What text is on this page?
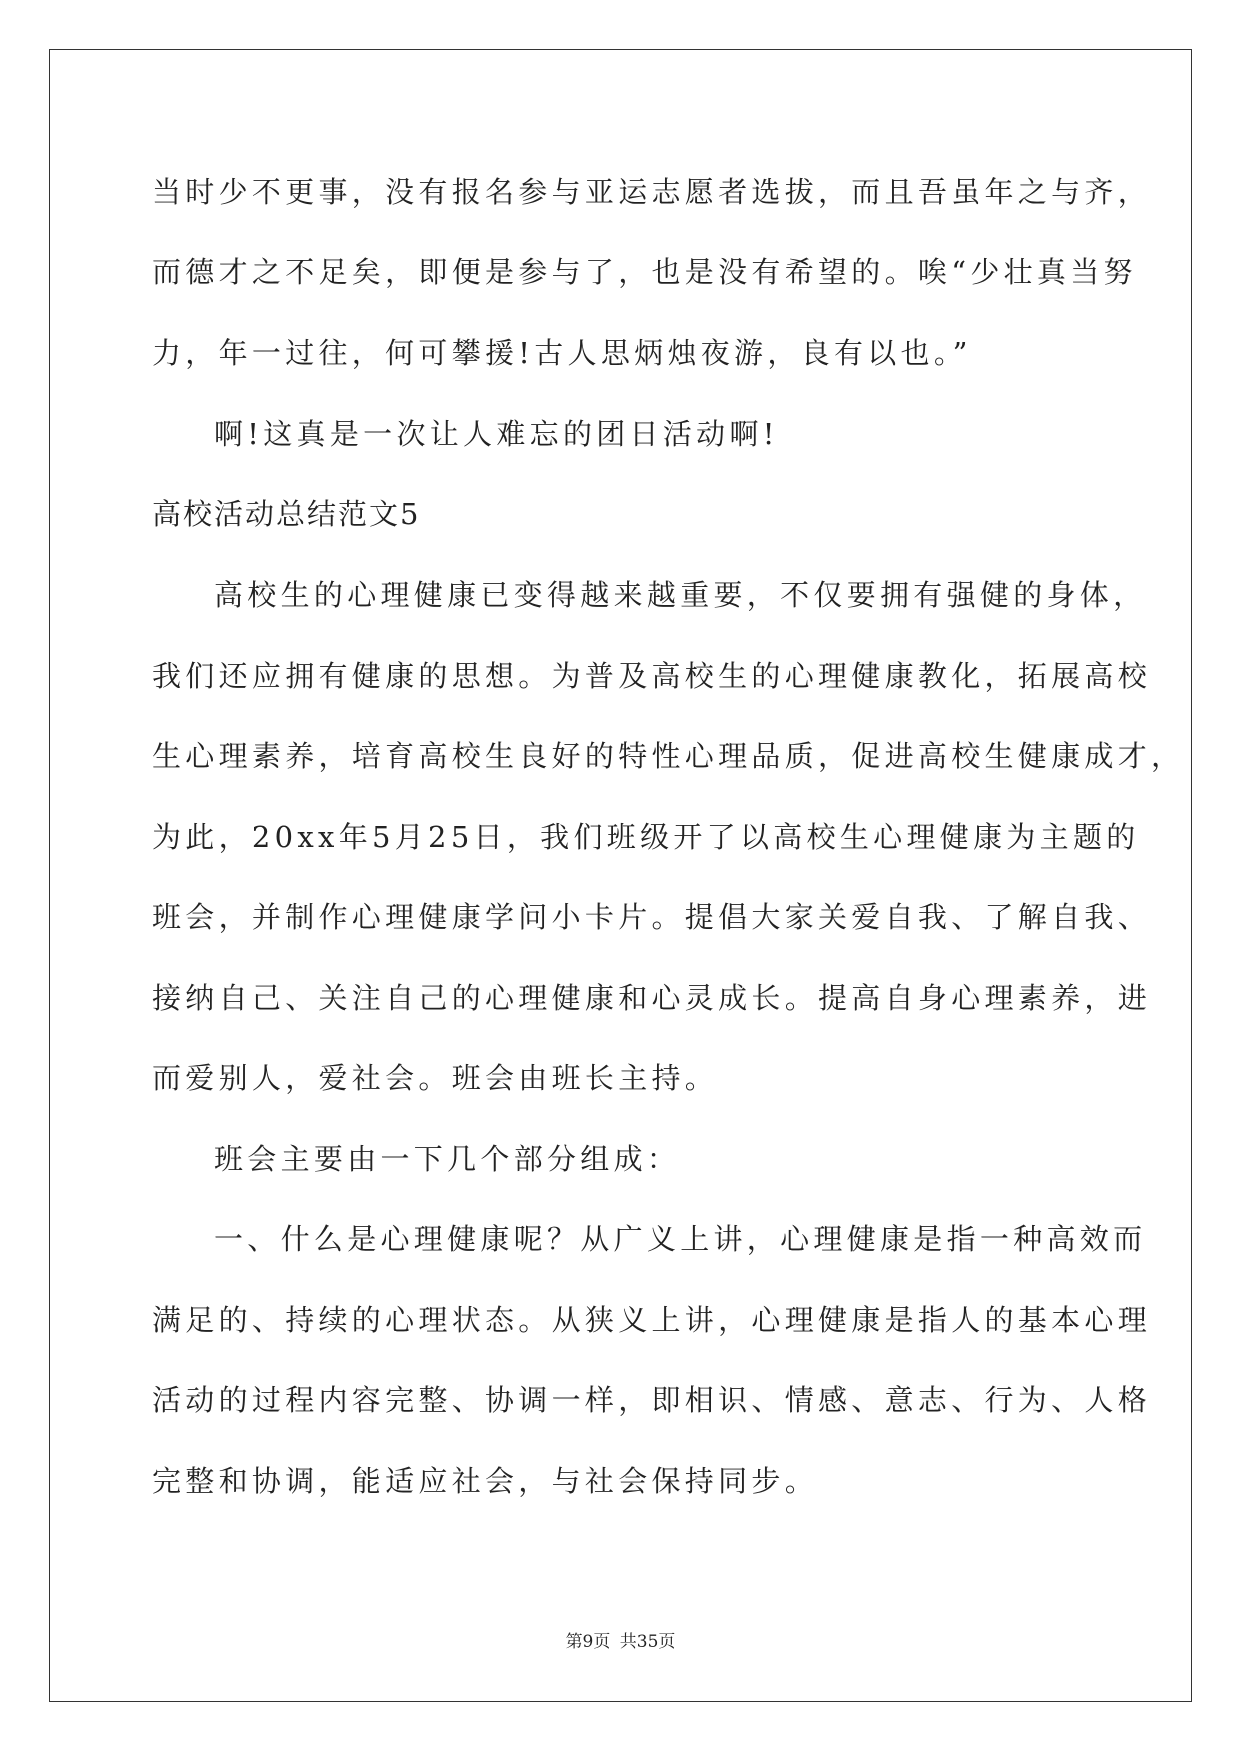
当时少不更事，没有报名参与亚运志愿者选拔，而且吾虽年之与齐，

而德才之不足矣，即便是参与了，也是没有希望的。唉“少壮真当努

力，年一过往，何可攀援!古人思炳烛夜游，良有以也。”

啊!这真是一次让人难忘的团日活动啊!

高校活动总结范文5

高校生的心理健康已变得越来越重要，不仅要拥有强健的身体，

我们还应拥有健康的思想。为普及高校生的心理健康教化，拓展高校

生心理素养，培育高校生良好的特性心理品质，促进高校生健康成才，

为此，20xx年5月25日，我们班级开了以高校生心理健康为主题的

班会，并制作心理健康学问小卡片。提倡大家关爱自我、了解自我、

接纳自己、关注自己的心理健康和心灵成长。提高自身心理素养，进

而爱别人，爱社会。班会由班长主持。

班会主要由一下几个部分组成：

一、什么是心理健康呢？从广义上讲，心理健康是指一种高效而

满足的、持续的心理状态。从狭义上讲，心理健康是指人的基本心理

活动的过程内容完整、协调一样，即相识、情感、意志、行为、人格

完整和协调，能适应社会，与社会保持同步。

第9页 共35页
